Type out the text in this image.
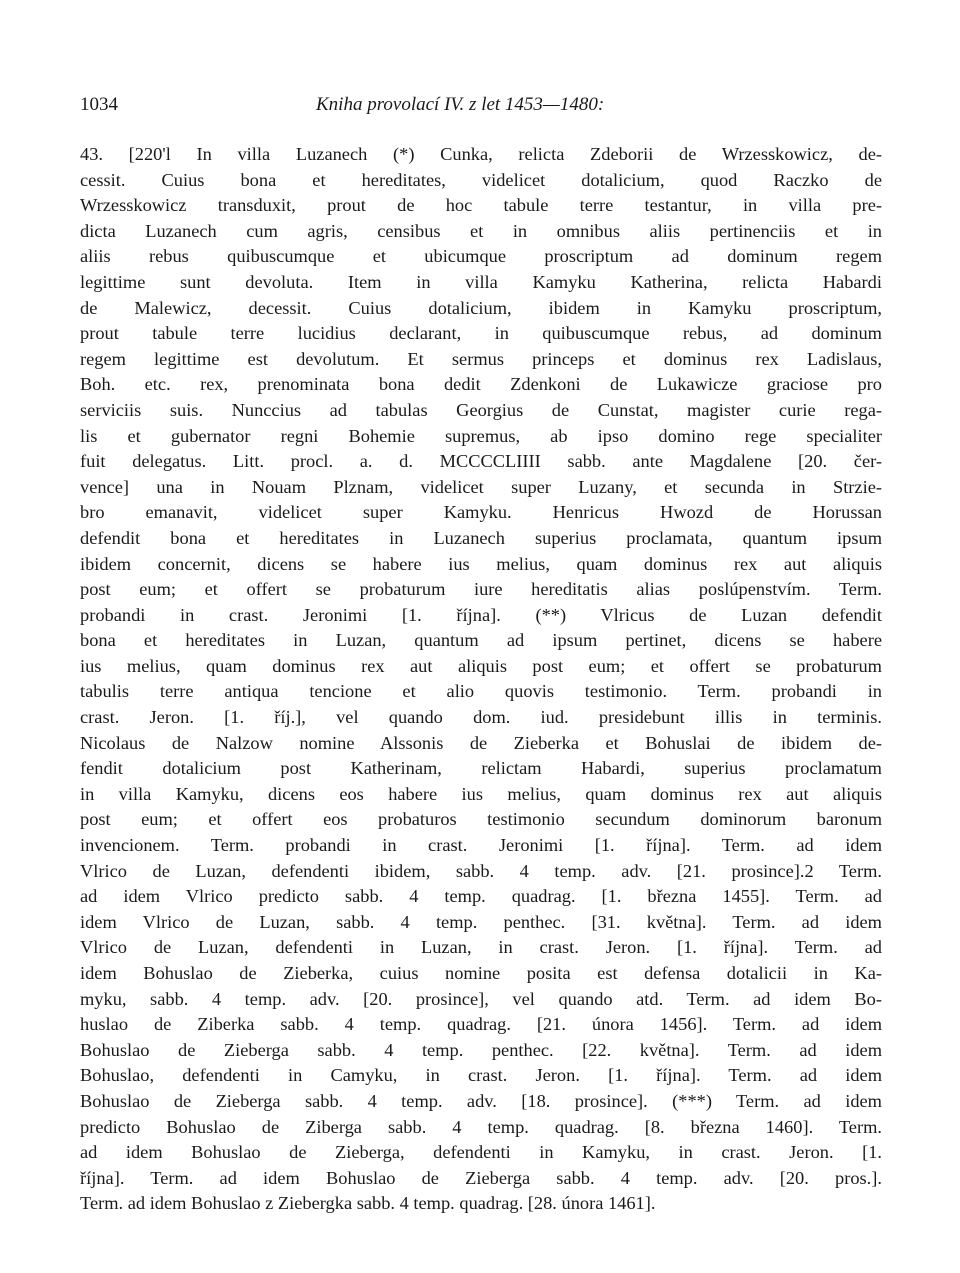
1034	Kniha provolací IV. z let 1453—1480:
43. [220'l In villa Luzanech (*) Cunka, relicta Zdeborii de Wrzesskowicz, de-
cessit. Cuius bona et hereditates, videlicet dotalicium, quod Raczko de
Wrzesskowicz transduxit, prout de hoc tabule terre testantur, in villa pre-
dicta Luzanech cum agris, censibus et in omnibus aliis pertinenciis et in
aliis rebus quibuscumque et ubicumque proscriptum ad dominum regem
legittime sunt devoluta. Item in villa Kamyku Katherina, relicta Habardi
de Malewicz, decessit. Cuius dotalicium, ibidem in Kamyku proscriptum,
prout tabule terre lucidius declarant, in quibuscumque rebus, ad dominum
regem legittime est devolutum. Et sermus princeps et dominus rex Ladislaus,
Boh. etc. rex, prenominata bona dedit Zdenkoni de Lukawicze graciose pro
serviciis suis. Nunccius ad tabulas Georgius de Cunstat, magister curie rega-
lis et gubernator regni Bohemie supremus, ab ipso domino rege specialiter
fuit delegatus. Litt. procl. a. d. MCCCCLIIII sabb. ante Magdalene [20. čer-
vence] una in Nouam Plznam, videlicet super Luzany, et secunda in Strzie-
bro emanavit, videlicet super Kamyku. Henricus Hwozd de Horussan
defendit bona et hereditates in Luzanech superius proclamata, quantum ipsum
ibidem concernit, dicens se habere ius melius, quam dominus rex aut aliquis
post eum; et offert se probaturum iure hereditatis alias poslúpenstvím. Term.
probandi in crast. Jeronimi [1. října]. (**) Vlricus de Luzan defendit
bona et hereditates in Luzan, quantum ad ipsum pertinet, dicens se habere
ius melius, quam dominus rex aut aliquis post eum; et offert se probaturum
tabulis terre antiqua tencione et alio quovis testimonio. Term. probandi in
crast. Jeron. [1. říj.], vel quando dom. iud. presidebunt illis in terminis.
Nicolaus de Nalzow nomine Alssonis de Zieberka et Bohuslai de ibidem de-
fendit dotalicium post Katherinam, relictam Habardi, superius proclamatum
in villa Kamyku, dicens eos habere ius melius, quam dominus rex aut aliquis
post eum; et offert eos probaturos testimonio secundum dominorum baronum
invencionem. Term. probandi in crast. Jeronimi [1. října]. Term. ad idem
Vlrico de Luzan, defendenti ibidem, sabb. 4 temp. adv. [21. prosince].2 Term.
ad idem Vlrico predicto sabb. 4 temp. quadrag. [1. března 1455]. Term. ad
idem Vlrico de Luzan, sabb. 4 temp. penthec. [31. května]. Term. ad idem
Vlrico de Luzan, defendenti in Luzan, in crast. Jeron. [1. října]. Term. ad
idem Bohuslao de Zieberka, cuius nomine posita est defensa dotalicii in Ka-
myku, sabb. 4 temp. adv. [20. prosince], vel quando atd. Term. ad idem Bo-
huslao de Ziberka sabb. 4 temp. quadrag. [21. února 1456]. Term. ad idem
Bohuslao de Zieberga sabb. 4 temp. penthec. [22. května]. Term. ad idem
Bohuslao, defendenti in Camyku, in crast. Jeron. [1. října]. Term. ad idem
Bohuslao de Zieberga sabb. 4 temp. adv. [18. prosince]. (***) Term. ad idem
predicto Bohuslao de Ziberga sabb. 4 temp. quadrag. [8. března 1460]. Term.
ad idem Bohuslao de Zieberga, defendenti in Kamyku, in crast. Jeron. [1.
října]. Term. ad idem Bohuslao de Zieberga sabb. 4 temp. adv. [20. pros.].
Term. ad idem Bohuslao z Ziebergka sabb. 4 temp. quadrag. [28. února 1461].
